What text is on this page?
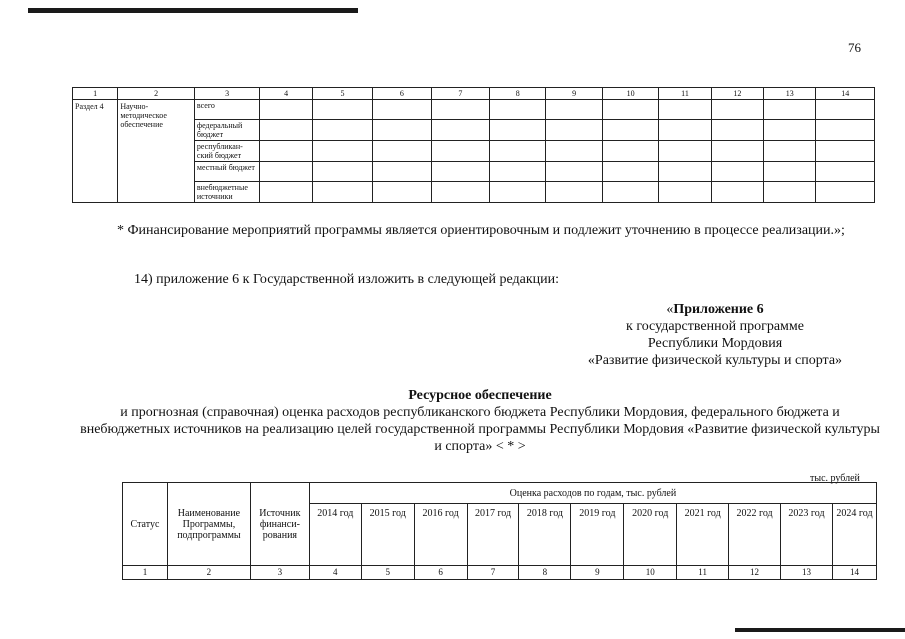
76
1	2	3	4	5	6	7	8	9	10	11	12	13	14
Раздел 4	Научно-методическое обеспечение	всего											
		федеральный бюджет											
		республикан-ский бюджет											
		местный бюджет											
		внебюджетные источники											
* Финансирование мероприятий программы является ориентировочным и подлежит уточнению в процессе реализации.»;
14) приложение 6 к Государственной изложить в следующей редакции:
«Приложение 6
к государственной программе
Республики Мордовия
«Развитие физической культуры и спорта»
Ресурсное обеспечение
и прогнозная (справочная) оценка расходов республиканского бюджета Республики Мордовия, федерального бюджета и внебюджетных источников на реализацию целей государственной программы Республики Мордовия «Развитие физической культуры и спорта» < * >
тыс. рублей
Статус	Наименование Программы, подпрограммы	Источник финанси-рования	Оценка расходов по годам, тыс. рублей										
			2014 год	2015 год	2016 год	2017 год	2018 год	2019 год	2020 год	2021 год	2022 год	2023 год	2024 год
1	2	3	4	5	6	7	8	9	10	11	12	13	14
